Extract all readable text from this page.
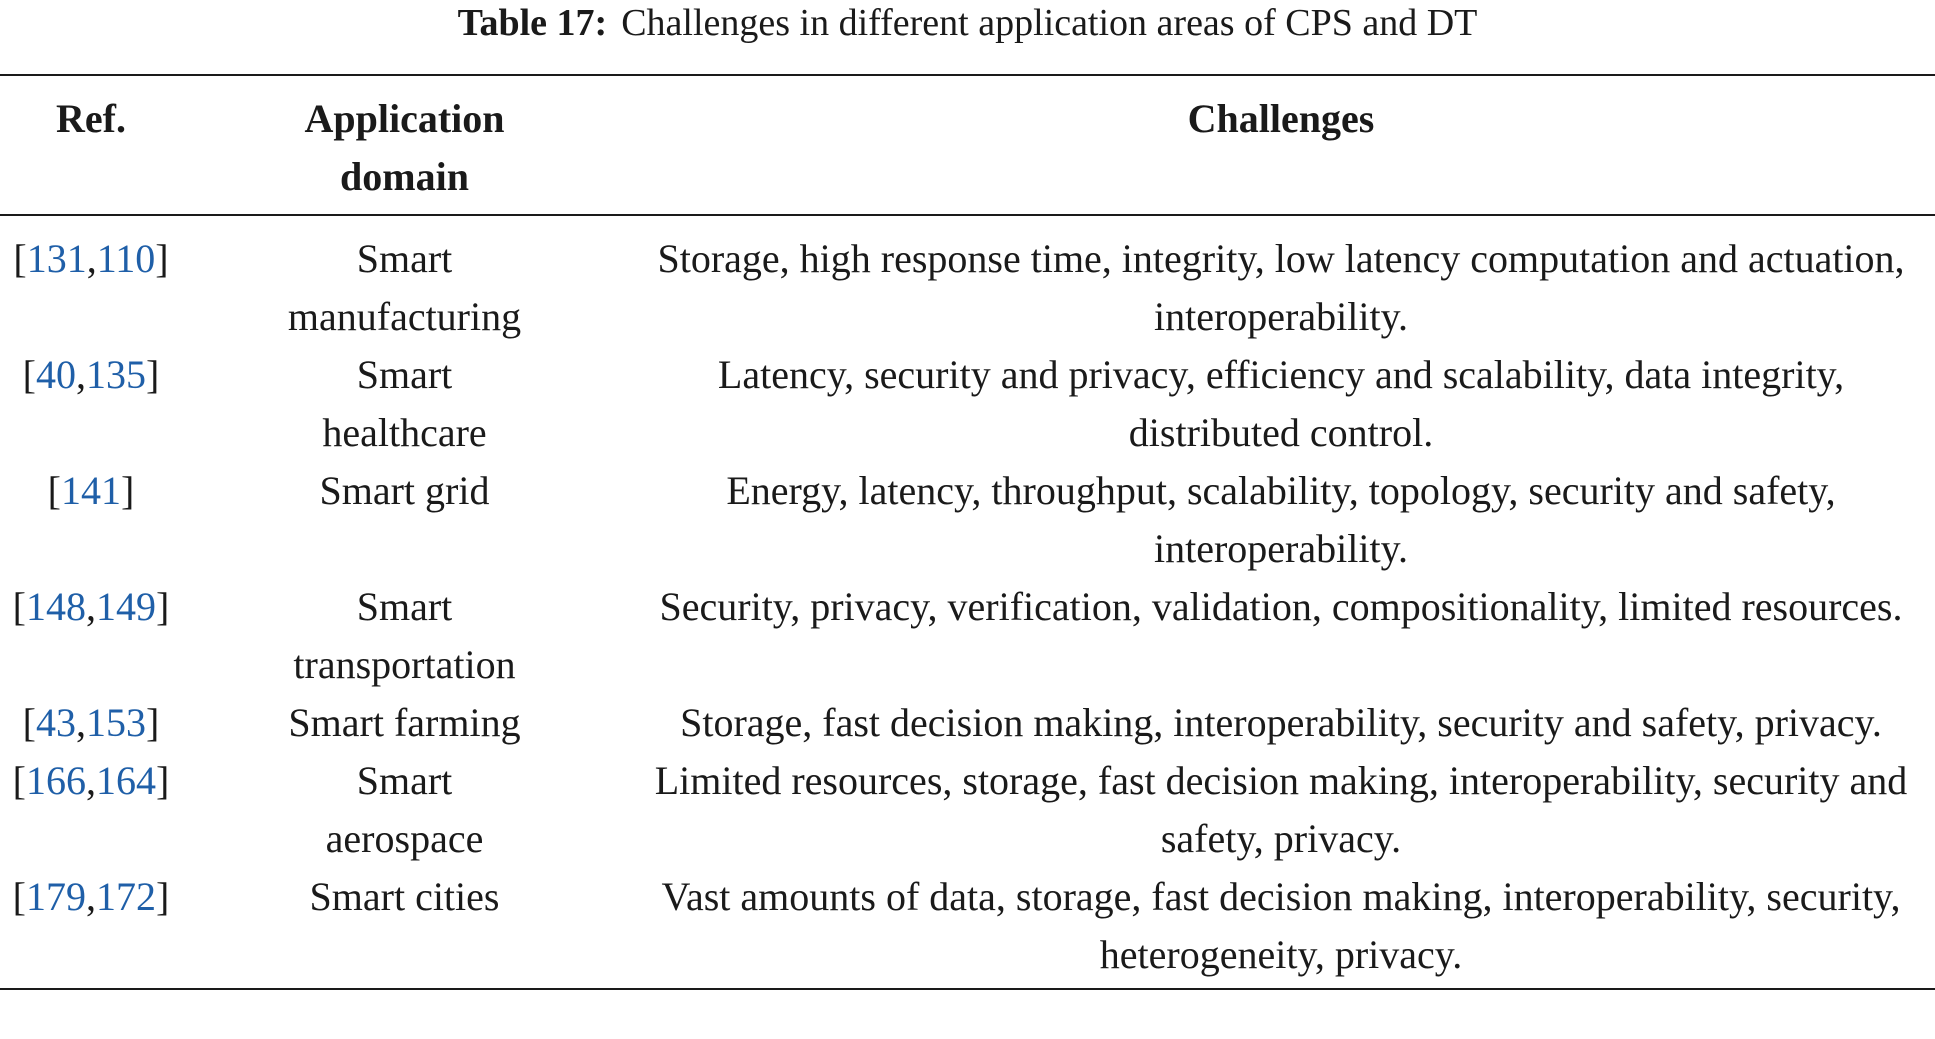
Table 17: Challenges in different application areas of CPS and DT
Ref.	Application domain	Challenges
[131,110]	Smart manufacturing	Storage, high response time, integrity, low latency computation and actuation, interoperability.
[40,135]	Smart healthcare	Latency, security and privacy, efficiency and scalability, data integrity, distributed control.
[141]	Smart grid	Energy, latency, throughput, scalability, topology, security and safety, interoperability.
[148,149]	Smart transportation	Security, privacy, verification, validation, compositionality, limited resources.
[43,153]	Smart farming	Storage, fast decision making, interoperability, security and safety, privacy.
[166,164]	Smart aerospace	Limited resources, storage, fast decision making, interoperability, security and safety, privacy.
[179,172]	Smart cities	Vast amounts of data, storage, fast decision making, interoperability, security, heterogeneity, privacy.
